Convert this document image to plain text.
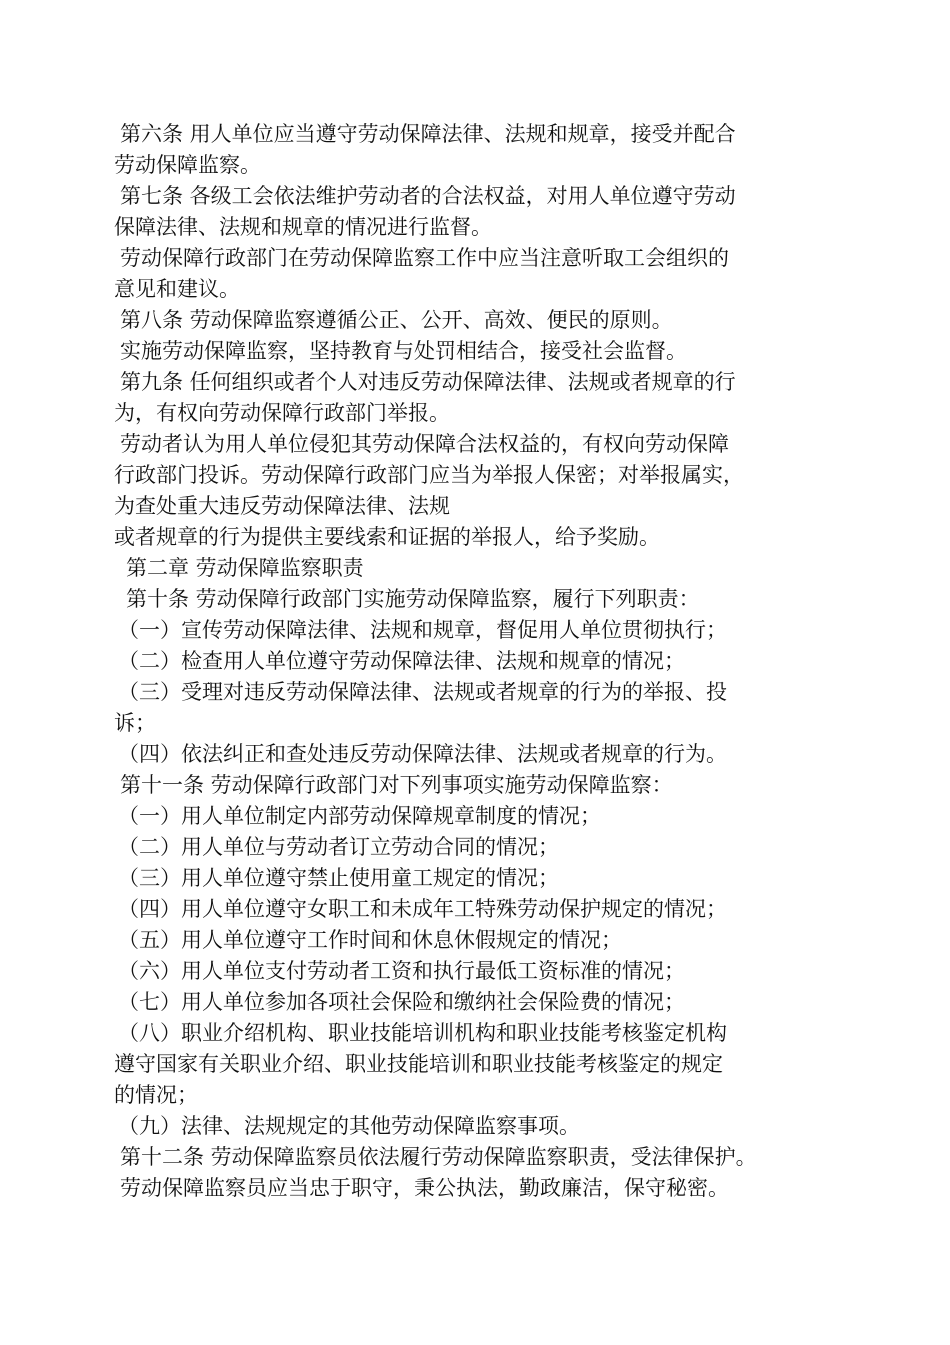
第六条 用人单位应当遵守劳动保障法律、法规和规章，接受并配合
劳动保障监察。
第七条 各级工会依法维护劳动者的合法权益，对用人单位遵守劳动
保障法律、法规和规章的情况进行监督。
劳动保障行政部门在劳动保障监察工作中应当注意听取工会组织的
意见和建议。
第八条 劳动保障监察遵循公正、公开、高效、便民的原则。
实施劳动保障监察，坚持教育与处罚相结合，接受社会监督。
第九条 任何组织或者个人对违反劳动保障法律、法规或者规章的行
为，有权向劳动保障行政部门举报。
劳动者认为用人单位侵犯其劳动保障合法权益的，有权向劳动保障
行政部门投诉。劳动保障行政部门应当为举报人保密；对举报属实，
为查处重大违反劳动保障法律、法规
或者规章的行为提供主要线索和证据的举报人，给予奖励。
第二章 劳动保障监察职责
第十条 劳动保障行政部门实施劳动保障监察，履行下列职责：
（一）宣传劳动保障法律、法规和规章，督促用人单位贯彻执行；
（二）检查用人单位遵守劳动保障法律、法规和规章的情况；
（三）受理对违反劳动保障法律、法规或者规章的行为的举报、投
诉；
（四）依法纠正和查处违反劳动保障法律、法规或者规章的行为。
第十一条 劳动保障行政部门对下列事项实施劳动保障监察：
（一）用人单位制定内部劳动保障规章制度的情况；
（二）用人单位与劳动者订立劳动合同的情况；
（三）用人单位遵守禁止使用童工规定的情况；
（四）用人单位遵守女职工和未成年工特殊劳动保护规定的情况；
（五）用人单位遵守工作时间和休息休假规定的情况；
（六）用人单位支付劳动者工资和执行最低工资标准的情况；
（七）用人单位参加各项社会保险和缴纳社会保险费的情况；
（八）职业介绍机构、职业技能培训机构和职业技能考核鉴定机构
遵守国家有关职业介绍、职业技能培训和职业技能考核鉴定的规定
的情况；
（九）法律、法规规定的其他劳动保障监察事项。
第十二条 劳动保障监察员依法履行劳动保障监察职责，受法律保护。
劳动保障监察员应当忠于职守，秉公执法，勤政廉洁，保守秘密。
